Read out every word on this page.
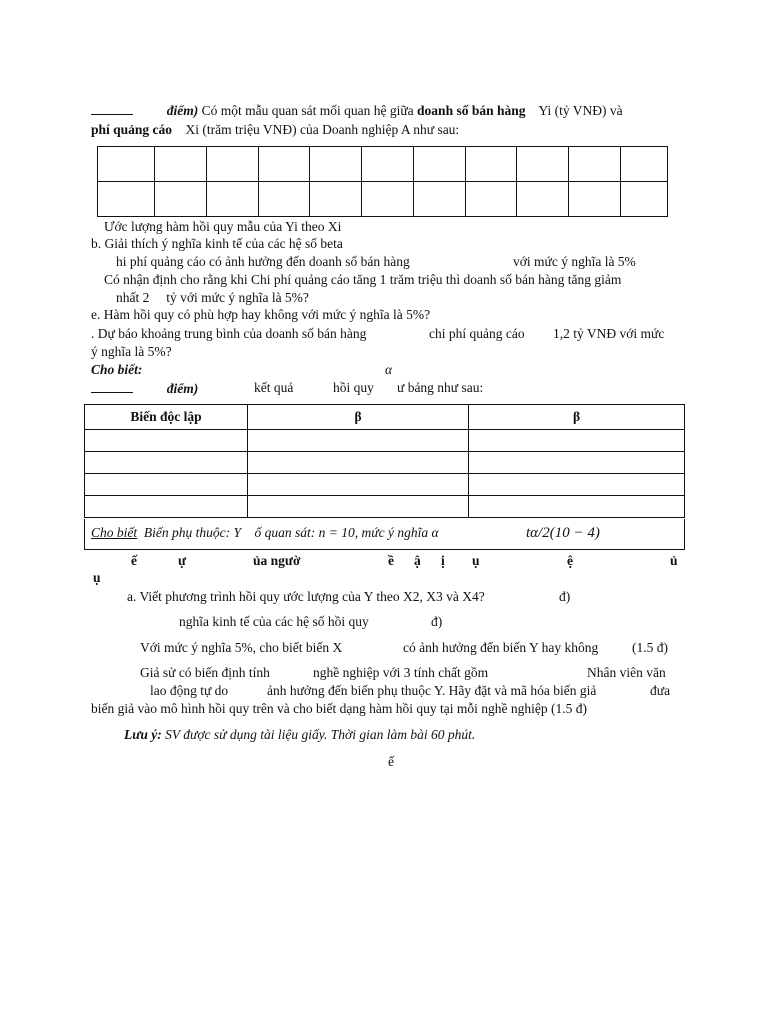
điểm) Có một mẫu quan sát mối quan hệ giữa doanh số bán hàng Yi (tỷ VNĐ) và
phí quảng cáo Xi (trăm triệu VNĐ) của Doanh nghiệp A như sau:

Ước lượng hàm hồi quy mẫu của Yi theo Xi
b. Giải thích ý nghĩa kinh tế của các hệ số beta
hi phí quảng cáo có ảnh hưởng đến doanh số bán hàng	với mức ý nghĩa là 5%
Có nhận định cho rằng khi Chi phí quảng cáo tăng 1 trăm triệu thì doanh số bán hàng tăng giảm
nhất 2 tỷ với mức ý nghĩa là 5%?
e. Hàm hồi quy có phù hợp hay không với mức ý nghĩa là 5%?
. Dự báo khoảng trung bình của doanh số bán hàng	chi phí quảng cáo 1,2 tỷ VNĐ với mức
ý nghĩa là 5%?
Cho biết:	α
điểm)	kết quả	hồi quy ư bảng như sau:
Biến độc lập	β	β

Cho biết Biến phụ thuộc: Y ố quan sát: n = 10, mức ý nghĩa α	tα/2(10 − 4)
ế	ự	ủa ngườ	ề ậ ị ụ	ệ	ủ
ụ
a. Viết phương trình hồi quy ước lượng của Y theo X2, X3 và X4?	đ)
nghĩa kinh tế của các hệ số hồi quy	đ)
Với mức ý nghĩa 5%, cho biết biến X	có ảnh hưởng đến biến Y hay không (1.5 đ)
Giả sử có biến định tính	nghề nghiệp với 3 tính chất gồm	Nhân viên văn
lao động tự do	ảnh hưởng đến biến phụ thuộc Y. Hãy đặt và mã hóa biến giả	đưa
biến giả vào mô hình hồi quy trên và cho biết dạng hàm hồi quy tại mỗi nghề nghiệp (1.5 đ)
Lưu ý: SV được sử dụng tài liệu giấy. Thời gian làm bài 60 phút.
ế
